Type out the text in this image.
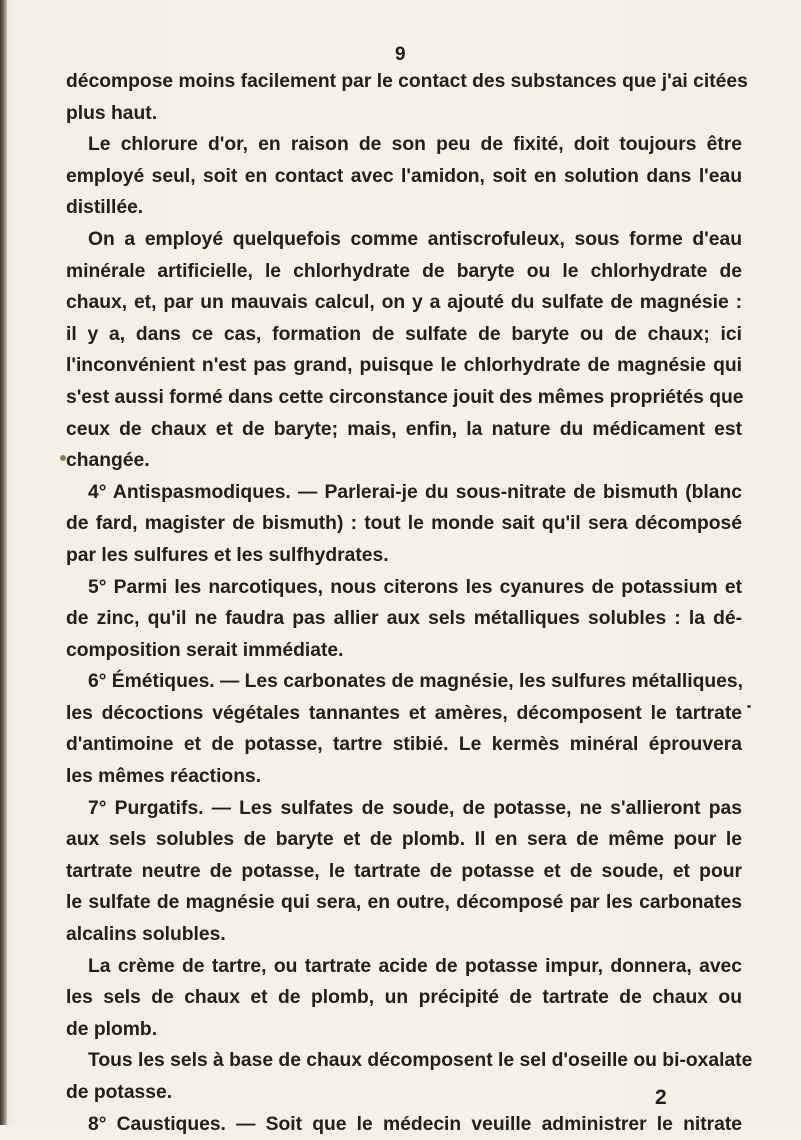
9
décompose moins facilement par le contact des substances que j'ai citées
plus haut.
Le chlorure d'or, en raison de son peu de fixité, doit toujours être
employé seul, soit en contact avec l'amidon, soit en solution dans l'eau
distillée.
On a employé quelquefois comme antiscrofuleux, sous forme d'eau
minérale artificielle, le chlorhydrate de baryte ou le chlorhydrate de
chaux, et, par un mauvais calcul, on y a ajouté du sulfate de magnésie :
il y a, dans ce cas, formation de sulfate de baryte ou de chaux; ici
l'inconvénient n'est pas grand, puisque le chlorhydrate de magnésie qui
s'est aussi formé dans cette circonstance jouit des mêmes propriétés que
ceux de chaux et de baryte; mais, enfin, la nature du médicament est
changée.
4° Antispasmodiques. — Parlerai-je du sous-nitrate de bismuth (blanc
de fard, magister de bismuth) : tout le monde sait qu'il sera décomposé
par les sulfures et les sulfhydrates.
5° Parmi les narcotiques, nous citerons les cyanures de potassium et
de zinc, qu'il ne faudra pas allier aux sels métalliques solubles : la dé-
composition serait immédiate.
6° Émétiques. — Les carbonates de magnésie, les sulfures métalliques,
les décoctions végétales tannantes et amères, décomposent le tartrate
d'antimoine et de potasse, tartre stibié. Le kermès minéral éprouvera
les mêmes réactions.
7° Purgatifs. — Les sulfates de soude, de potasse, ne s'allieront pas
aux sels solubles de baryte et de plomb. Il en sera de même pour le
tartrate neutre de potasse, le tartrate de potasse et de soude, et pour
le sulfate de magnésie qui sera, en outre, décomposé par les carbonates
alcalins solubles.
La crème de tartre, ou tartrate acide de potasse impur, donnera, avec
les sels de chaux et de plomb, un précipité de tartrate de chaux ou
de plomb.
Tous les sels à base de chaux décomposent le sel d'oseille ou bi-oxalate
de potasse.
8° Caustiques. — Soit que le médecin veuille administrer le nitrate
2
